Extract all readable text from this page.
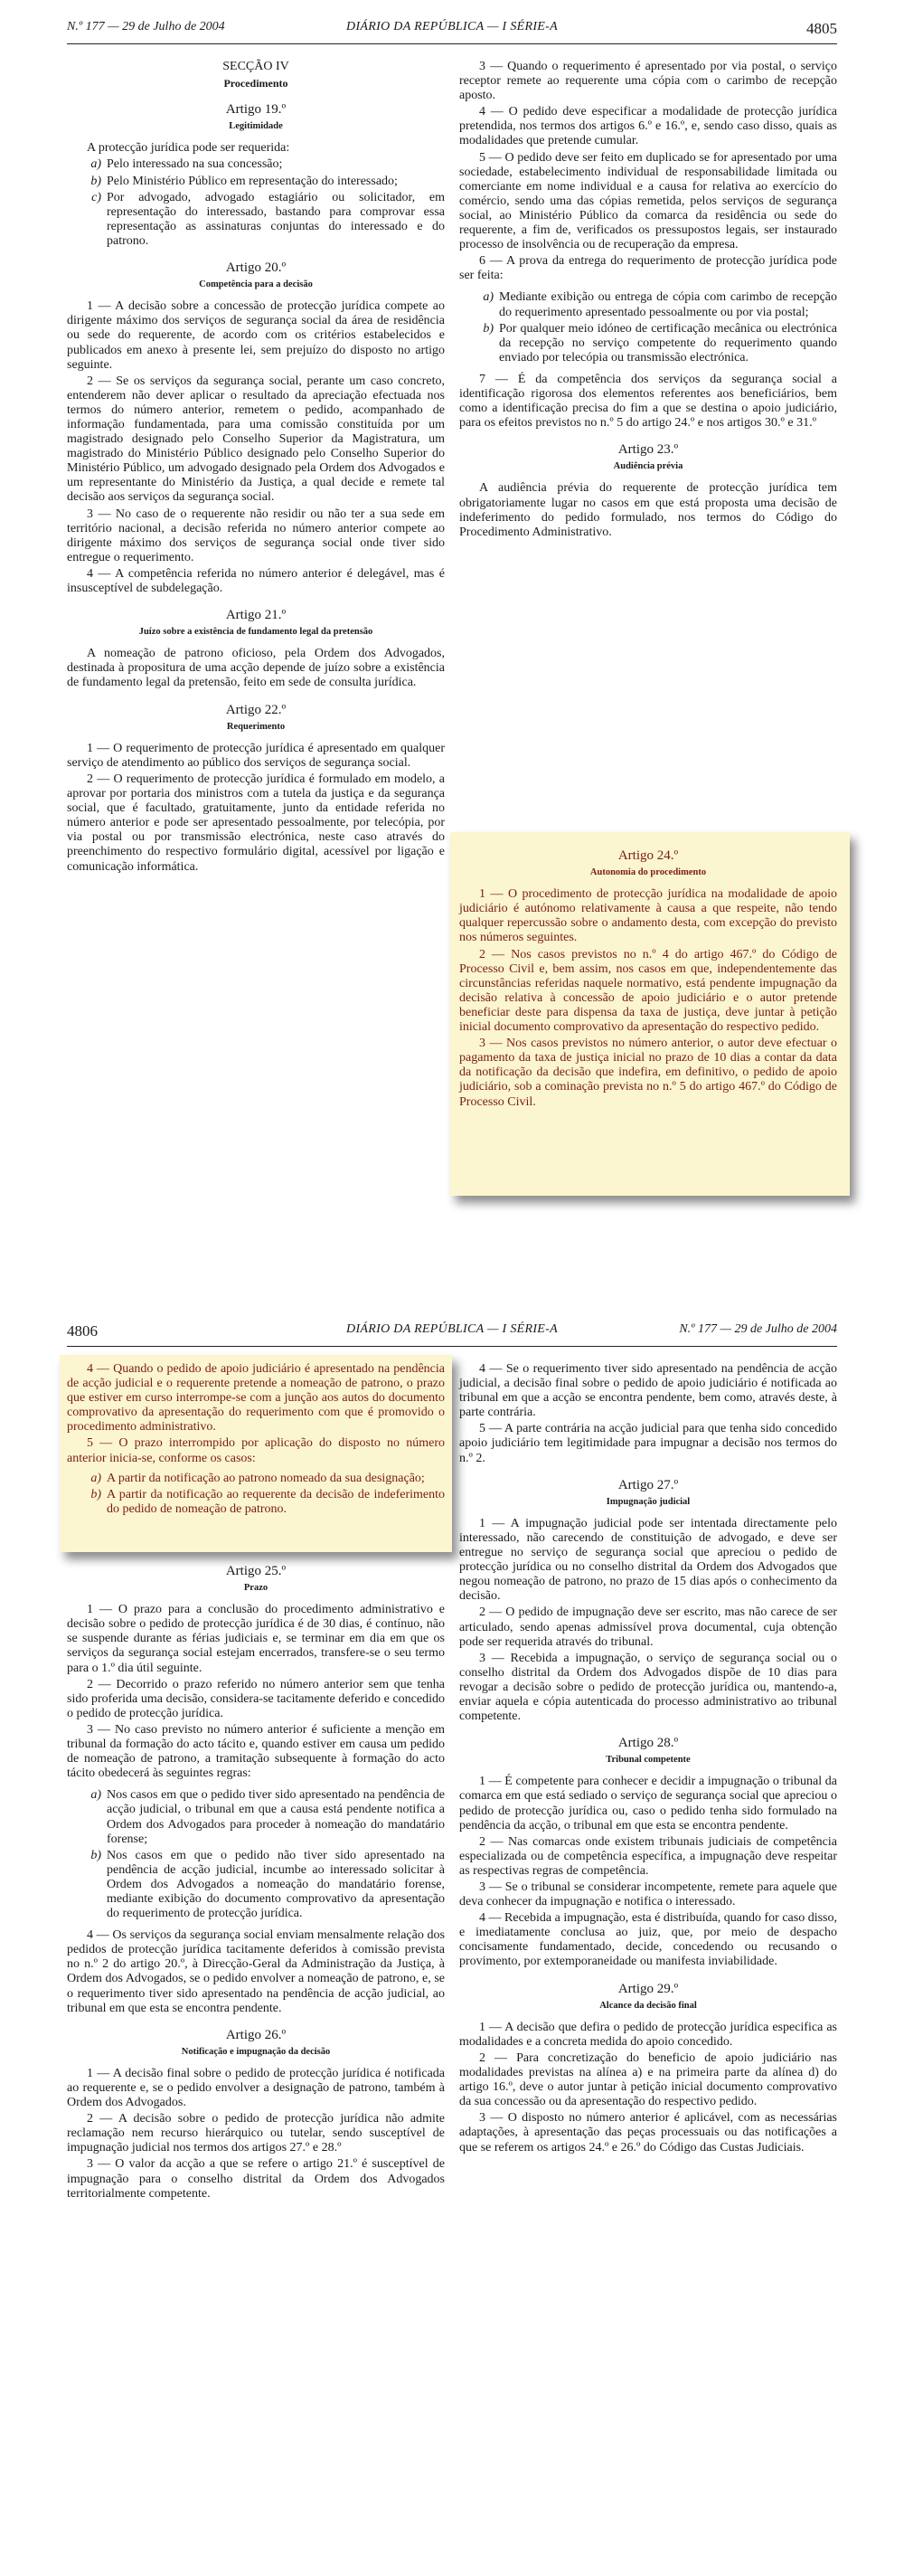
N.º 177 — 29 de Julho de 2004	DIÁRIO DA REPÚBLICA — I SÉRIE-A	4805
SECÇÃO IV
Procedimento
Artigo 19.º
Legitimidade

A protecção jurídica pode ser requerida:

a) Pelo interessado na sua concessão;
b) Pelo Ministério Público em representação do interessado;
c) Por advogado, advogado estagiário ou solicitador, em representação do interessado, bastando para comprovar essa representação as assinaturas conjuntas do interessado e do patrono.
Artigo 20.º
Competência para a decisão

1 — A decisão sobre a concessão de protecção jurídica compete ao dirigente máximo dos serviços de segurança social da área de residência ou sede do requerente, de acordo com os critérios estabelecidos e publicados em anexo à presente lei, sem prejuízo do disposto no artigo seguinte.

2 — Se os serviços da segurança social, perante um caso concreto, entenderem não dever aplicar o resultado da apreciação efectuada nos termos do número anterior, remetem o pedido, acompanhado de informação fundamentada, para uma comissão constituída por um magistrado designado pelo Conselho Superior da Magistratura, um magistrado do Ministério Público designado pelo Conselho Superior do Ministério Público, um advogado designado pela Ordem dos Advogados e um representante do Ministério da Justiça, a qual decide e remete tal decisão aos serviços da segurança social.

3 — No caso de o requerente não residir ou não ter a sua sede em território nacional, a decisão referida no número anterior compete ao dirigente máximo dos serviços de segurança social onde tiver sido entregue o requerimento.

4 — A competência referida no número anterior é delegável, mas é insusceptível de subdelegação.

Artigo 21.º
Juízo sobre a existência de fundamento legal da pretensão

A nomeação de patrono oficioso, pela Ordem dos Advogados, destinada à propositura de uma acção depende de juízo sobre a existência de fundamento legal da pretensão, feito em sede de consulta jurídica.

Artigo 22.º
Requerimento

1 — O requerimento de protecção jurídica é apresentado em qualquer serviço de atendimento ao público dos serviços de segurança social.

2 — O requerimento de protecção jurídica é formulado em modelo, a aprovar por portaria dos ministros com a tutela da justiça e da segurança social, que é facultado, gratuitamente, junto da entidade referida no número anterior e pode ser apresentado pessoalmente, por telecópia, por via postal ou por transmissão electrónica, neste caso através do preenchimento do respectivo formulário digital, acessível por ligação e comunicação informática.

3 — Quando o requerimento é apresentado por via postal, o serviço receptor remete ao requerente uma cópia com o carimbo de recepção aposto.

4 — O pedido deve especificar a modalidade de protecção jurídica pretendida, nos termos dos artigos 6.º e 16.º, e, sendo caso disso, quais as modalidades que pretende cumular.

5 — O pedido deve ser feito em duplicado se for apresentado por uma sociedade, estabelecimento individual de responsabilidade limitada ou comerciante em nome individual e a causa for relativa ao exercício do comércio, sendo uma das cópias remetida, pelos serviços de segurança social, ao Ministério Público da comarca da residência ou sede do requerente, a fim de, verificados os pressupostos legais, ser instaurado processo de insolvência ou de recuperação da empresa.

6 — A prova da entrega do requerimento de protecção jurídica pode ser feita:

a) Mediante exibição ou entrega de cópia com carimbo de recepção do requerimento apresentado pessoalmente ou por via postal;
b) Por qualquer meio idóneo de certificação mecânica ou electrónica da recepção no serviço competente do requerimento quando enviado por telecópia ou transmissão electrónica.

7 — É da competência dos serviços da segurança social a identificação rigorosa dos elementos referentes aos beneficiários, bem como a identificação precisa do fim a que se destina o apoio judiciário, para os efeitos previstos no n.º 5 do artigo 24.º e nos artigos 30.º e 31.º

Artigo 23.º
Audiência prévia

A audiência prévia do requerente de protecção jurídica tem obrigatoriamente lugar no casos em que está proposta uma decisão de indeferimento do pedido formulado, nos termos do Código do Procedimento Administrativo.

Artigo 24.º
Autonomia do procedimento

1 — O procedimento de protecção jurídica na modalidade de apoio judiciário é autónomo relativamente à causa a que respeite, não tendo qualquer repercussão sobre o andamento desta, com excepção do previsto nos números seguintes.

2 — Nos casos previstos no n.º 4 do artigo 467.º do Código de Processo Civil e, bem assim, nos casos em que, independentemente das circunstâncias referidas naquele normativo, está pendente impugnação da decisão relativa à concessão de apoio judiciário e o autor pretende beneficiar deste para dispensa da taxa de justiça, deve juntar à petição inicial documento comprovativo da apresentação do respectivo pedido.

3 — Nos casos previstos no número anterior, o autor deve efectuar o pagamento da taxa de justiça inicial no prazo de 10 dias a contar da data da notificação da decisão que indefira, em definitivo, o pedido de apoio judiciário, sob a cominação prevista no n.º 5 do artigo 467.º do Código de Processo Civil.

4806	DIÁRIO DA REPÚBLICA — I SÉRIE-A	N.º 177 — 29 de Julho de 2004

4 — Quando o pedido de apoio judiciário é apresentado na pendência de acção judicial e o requerente pretende a nomeação de patrono, o prazo que estiver em curso interrompe-se com a junção aos autos do documento comprovativo da apresentação do requerimento com que é promovido o procedimento administrativo.

5 — O prazo interrompido por aplicação do disposto no número anterior inicia-se, conforme os casos:

a) A partir da notificação ao patrono nomeado da sua designação;
b) A partir da notificação ao requerente da decisão de indeferimento do pedido de nomeação de patrono.
Artigo 25.º
Prazo

1 — O prazo para a conclusão do procedimento administrativo e decisão sobre o pedido de protecção jurídica é de 30 dias, é contínuo, não se suspende durante as férias judiciais e, se terminar em dia em que os serviços da segurança social estejam encerrados, transfere-se o seu termo para o 1.º dia útil seguinte.

2 — Decorrido o prazo referido no número anterior sem que tenha sido proferida uma decisão, considera-se tacitamente deferido e concedido o pedido de protecção jurídica.

3 — No caso previsto no número anterior é suficiente a menção em tribunal da formação do acto tácito e, quando estiver em causa um pedido de nomeação de patrono, a tramitação subsequente à formação do acto tácito obedecerá às seguintes regras:

a) Nos casos em que o pedido tiver sido apresentado na pendência de acção judicial, o tribunal em que a causa está pendente notifica a Ordem dos Advogados para proceder à nomeação do mandatário forense;
b) Nos casos em que o pedido não tiver sido apresentado na pendência de acção judicial, incumbe ao interessado solicitar à Ordem dos Advogados a nomeação do mandatário forense, mediante exibição do documento comprovativo da apresentação do requerimento de protecção jurídica.

4 — Os serviços da segurança social enviam mensalmente relação dos pedidos de protecção jurídica tacitamente deferidos à comissão prevista no n.º 2 do artigo 20.º, à Direcção-Geral da Administração da Justiça, à Ordem dos Advogados, se o pedido envolver a nomeação de patrono, e, se o requerimento tiver sido apresentado na pendência de acção judicial, ao tribunal em que esta se encontra pendente.

Artigo 26.º
Notificação e impugnação da decisão

1 — A decisão final sobre o pedido de protecção jurídica é notificada ao requerente e, se o pedido envolver a designação de patrono, também à Ordem dos Advogados.

2 — A decisão sobre o pedido de protecção jurídica não admite reclamação nem recurso hierárquico ou tutelar, sendo susceptível de impugnação judicial nos termos dos artigos 27.º e 28.º

3 — O valor da acção a que se refere o artigo 21.º é susceptível de impugnação para o conselho distrital da Ordem dos Advogados territorialmente competente.

4 — Se o requerimento tiver sido apresentado na pendência de acção judicial, a decisão final sobre o pedido de apoio judiciário é notificada ao tribunal em que a acção se encontra pendente, bem como, através deste, à parte contrária.

5 — A parte contrária na acção judicial para que tenha sido concedido apoio judiciário tem legitimidade para impugnar a decisão nos termos do n.º 2.

Artigo 27.º
Impugnação judicial

1 — A impugnação judicial pode ser intentada directamente pelo interessado, não carecendo de constituição de advogado, e deve ser entregue no serviço de segurança social que apreciou o pedido de protecção jurídica ou no conselho distrital da Ordem dos Advogados que negou nomeação de patrono, no prazo de 15 dias após o conhecimento da decisão.

2 — O pedido de impugnação deve ser escrito, mas não carece de ser articulado, sendo apenas admissível prova documental, cuja obtenção pode ser requerida através do tribunal.

3 — Recebida a impugnação, o serviço de segurança social ou o conselho distrital da Ordem dos Advogados dispõe de 10 dias para revogar a decisão sobre o pedido de protecção jurídica ou, mantendo-a, enviar aquela e cópia autenticada do processo administrativo ao tribunal competente.

Artigo 28.º
Tribunal competente

1 — É competente para conhecer e decidir a impugnação o tribunal da comarca em que está sediado o serviço de segurança social que apreciou o pedido de protecção jurídica ou, caso o pedido tenha sido formulado na pendência da acção, o tribunal em que esta se encontra pendente.

2 — Nas comarcas onde existem tribunais judiciais de competência especializada ou de competência específica, a impugnação deve respeitar as respectivas regras de competência.

3 — Se o tribunal se considerar incompetente, remete para aquele que deva conhecer da impugnação e notifica o interessado.

4 — Recebida a impugnação, esta é distribuída, quando for caso disso, e imediatamente conclusa ao juiz, que, por meio de despacho concisamente fundamentado, decide, concedendo ou recusando o provimento, por extemporaneidade ou manifesta inviabilidade.

Artigo 29.º
Alcance da decisão final

1 — A decisão que defira o pedido de protecção jurídica especifica as modalidades e a concreta medida do apoio concedido.

2 — Para concretização do beneficio de apoio judiciário nas modalidades previstas na alínea a) e na primeira parte da alínea d) do artigo 16.º, deve o autor juntar à petição inicial documento comprovativo da sua concessão ou da apresentação do respectivo pedido.

3 — O disposto no número anterior é aplicável, com as necessárias adaptações, à apresentação das peças processuais ou das notificações a que se referem os artigos 24.º e 26.º do Código das Custas Judiciais.
